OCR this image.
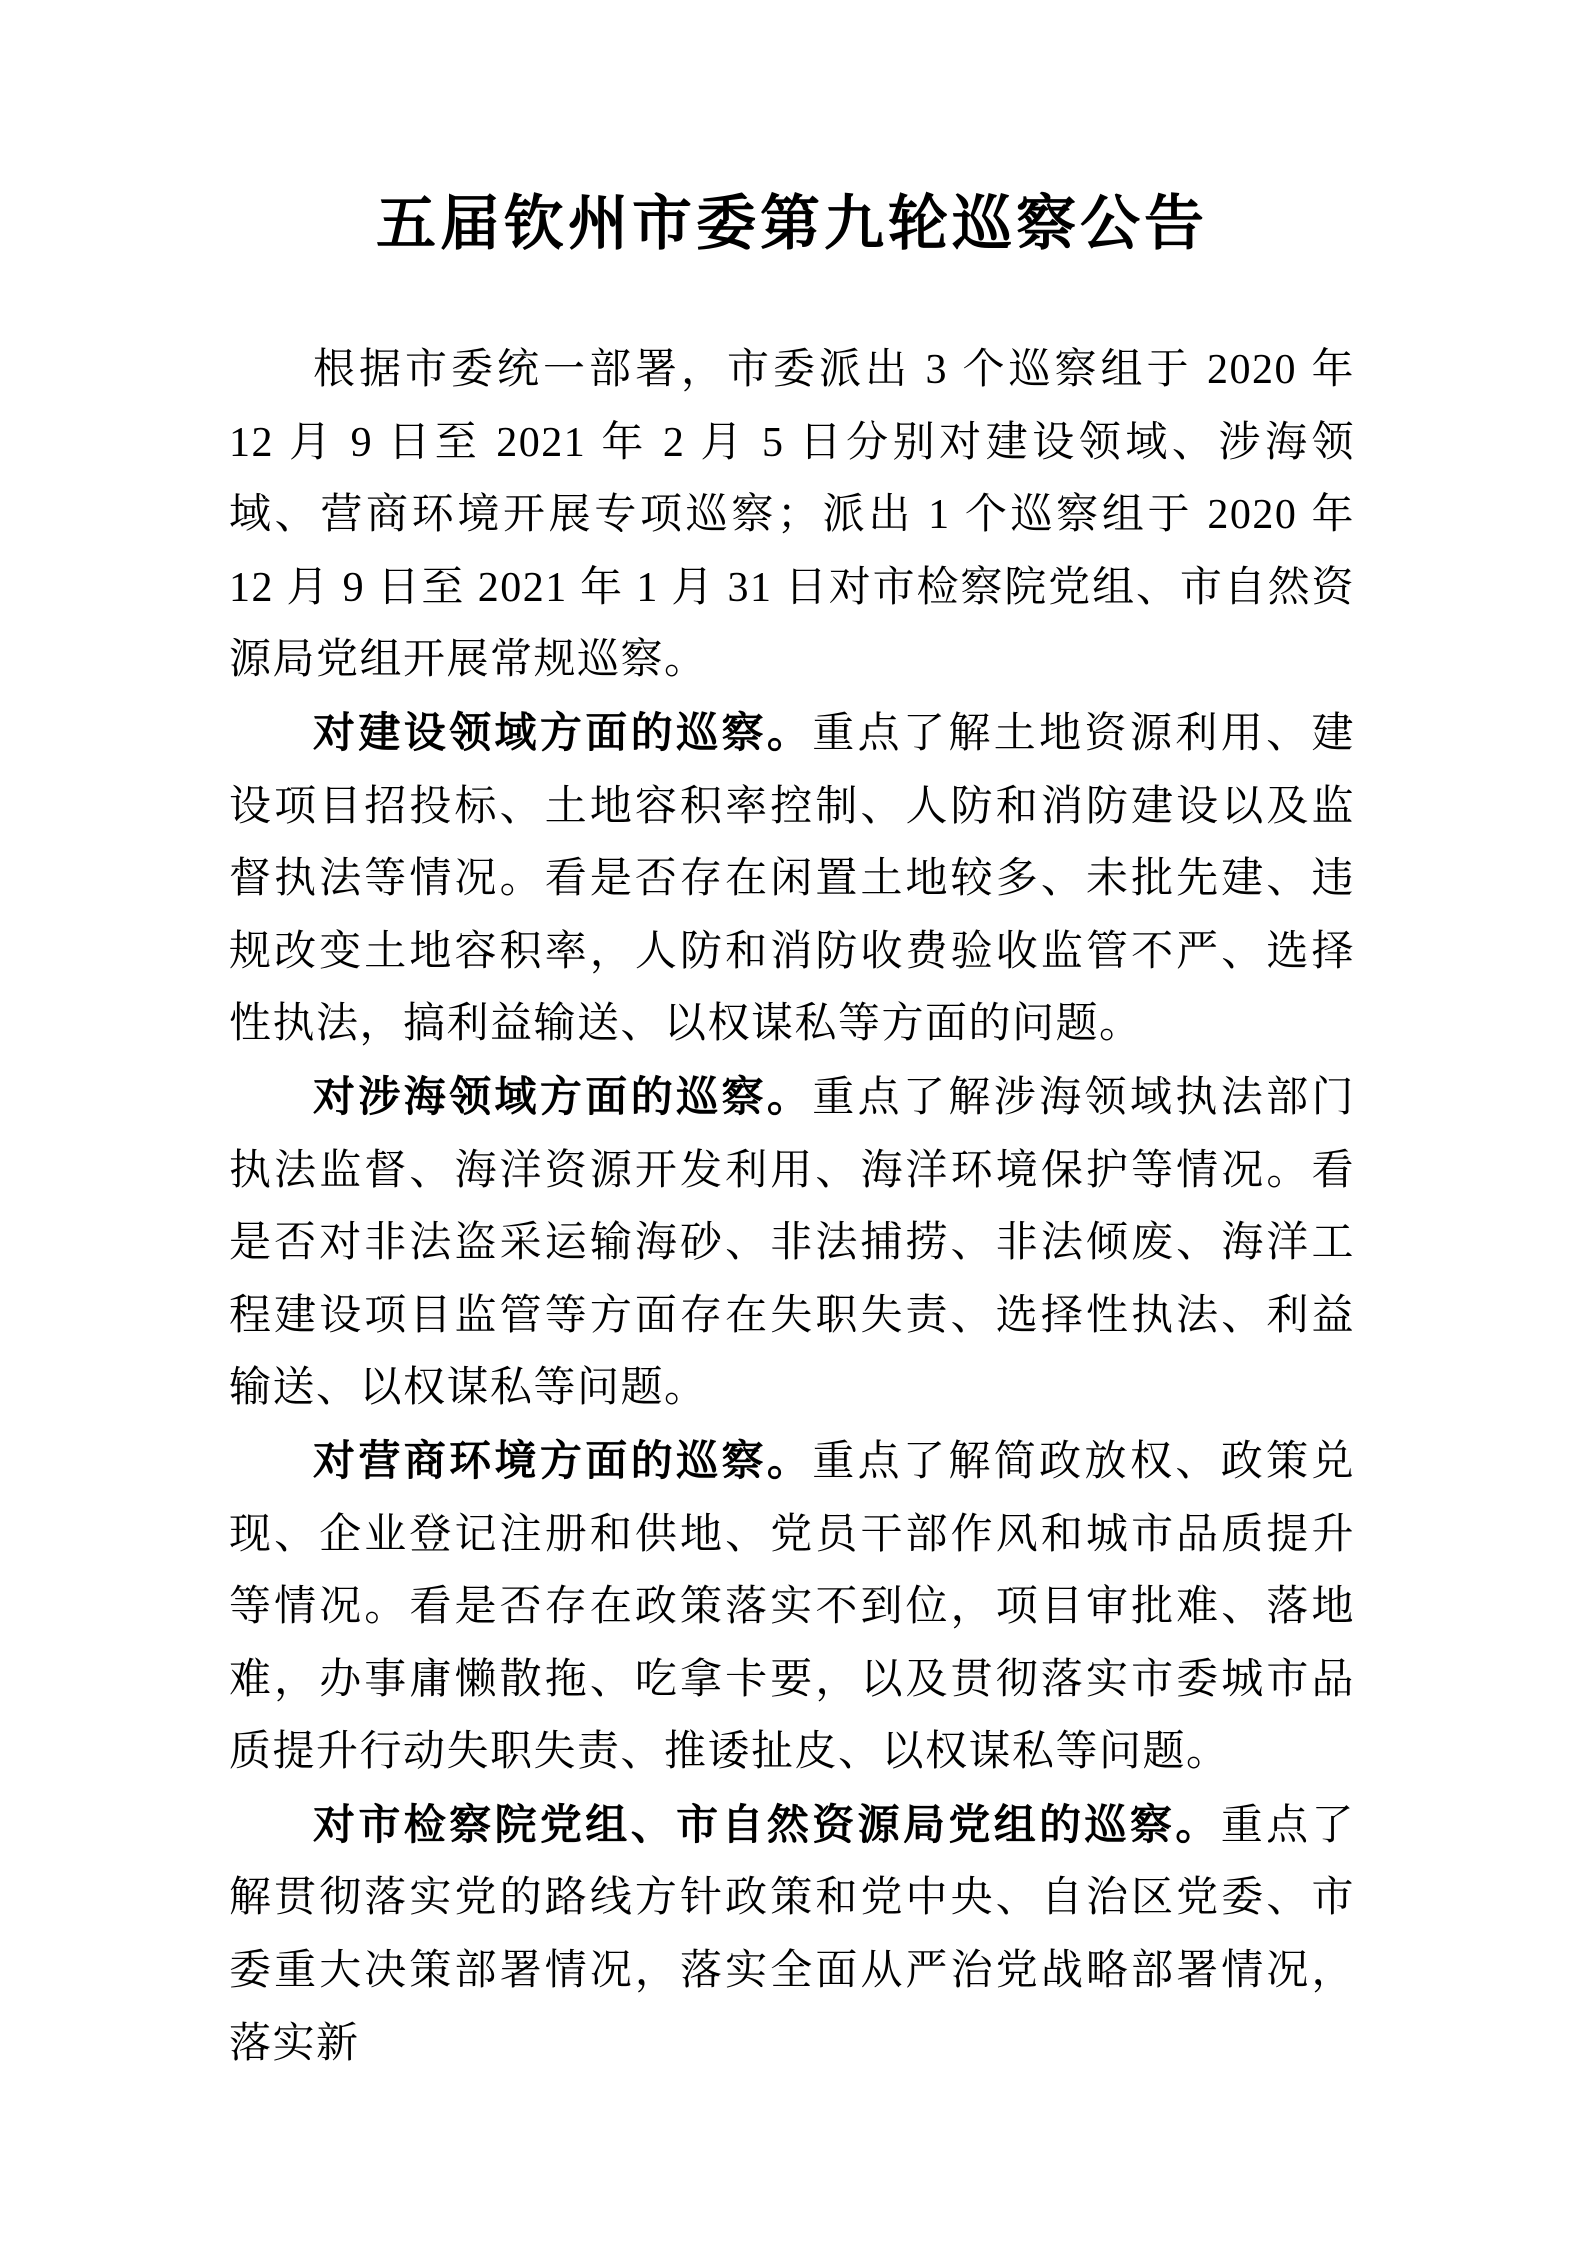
五届钦州市委第九轮巡察公告

根据市委统一部署，市委派出 3 个巡察组于 2020 年 12 月 9 日至 2021 年 2 月 5 日分别对建设领域、涉海领域、营商环境开展专项巡察；派出 1 个巡察组于 2020 年 12 月 9 日至 2021 年 1 月 31 日对市检察院党组、市自然资源局党组开展常规巡察。

对建设领域方面的巡察。重点了解土地资源利用、建设项目招投标、土地容积率控制、人防和消防建设以及监督执法等情况。看是否存在闲置土地较多、未批先建、违规改变土地容积率，人防和消防收费验收监管不严、选择性执法，搞利益输送、以权谋私等方面的问题。

对涉海领域方面的巡察。重点了解涉海领域执法部门执法监督、海洋资源开发利用、海洋环境保护等情况。看是否对非法盗采运输海砂、非法捕捞、非法倾废、海洋工程建设项目监管等方面存在失职失责、选择性执法、利益输送、以权谋私等问题。

对营商环境方面的巡察。重点了解简政放权、政策兑现、企业登记注册和供地、党员干部作风和城市品质提升等情况。看是否存在政策落实不到位，项目审批难、落地难，办事庸懒散拖、吃拿卡要，以及贯彻落实市委城市品质提升行动失职失责、推诿扯皮、以权谋私等问题。

对市检察院党组、市自然资源局党组的巡察。重点了解贯彻落实党的路线方针政策和党中央、自治区党委、市委重大决策部署情况，落实全面从严治党战略部署情况，落实新
